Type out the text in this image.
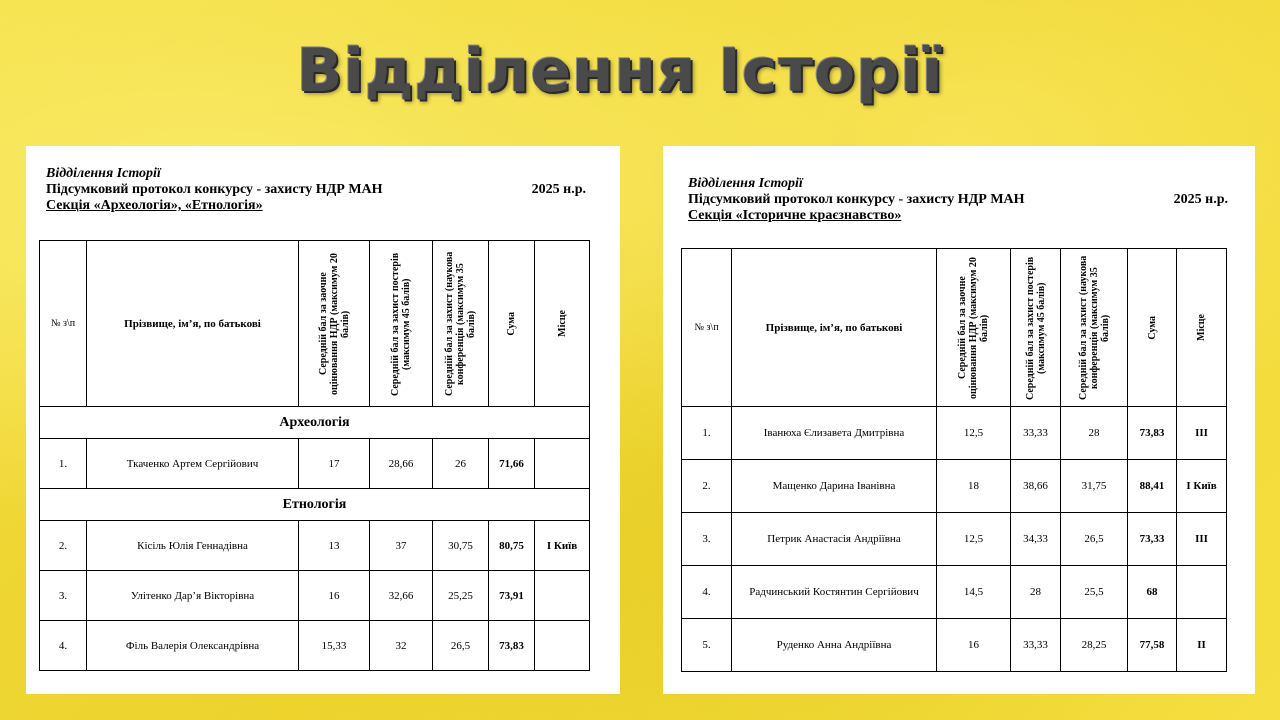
Відділення Історії
Відділення Історії
Підсумковий протокол конкурсу - захисту НДР МАН	2025 н.р.
Секція «Археологія», «Етнологія»
№ з\п	Прізвище, ім’я, по батькові	Середній бал за заочне оцінювання НДР (максимум 20 балів)	Середній бал за захист постерів (максимум 45 балів)	Середній бал за захист (наукова конференція (максимум 35 балів)	Сума	Місце

Археологія						
1.	Ткаченко Артем Сергійович	17	28,66	26	71,66	
Етнологія						
2.	Кісіль Юлія Геннадівна	13	37	30,75	80,75	І Київ
3.	Улітенко Дар’я Вікторівна	16	32,66	25,25	73,91	
4.	Філь Валерія Олександрівна	15,33	32	26,5	73,83	
Відділення Історії
Підсумковий протокол конкурсу - захисту НДР МАН	2025 н.р.
Секція «Історичне краєзнавство»
№ з\п	Прізвище, ім’я, по батькові	Середній бал за заочне оцінювання НДР (максимум 20 балів)	Середній бал за захист постерів (максимум 45 балів)	Середній бал за захист (наукова конференція (максимум 35 балів)	Сума	Місце

1.	Іванюха Єлизавета Дмитрівна	12,5	33,33	28	73,83	ІІІ
2.	Мащенко Дарина Іванівна	18	38,66	31,75	88,41	І Київ
3.	Петрик Анастасія Андріївна	12,5	34,33	26,5	73,33	ІІІ
4.	Радчинський Костянтин Сергійович	14,5	28	25,5	68	
5.	Руденко Анна Андріївна	16	33,33	28,25	77,58	ІІ
